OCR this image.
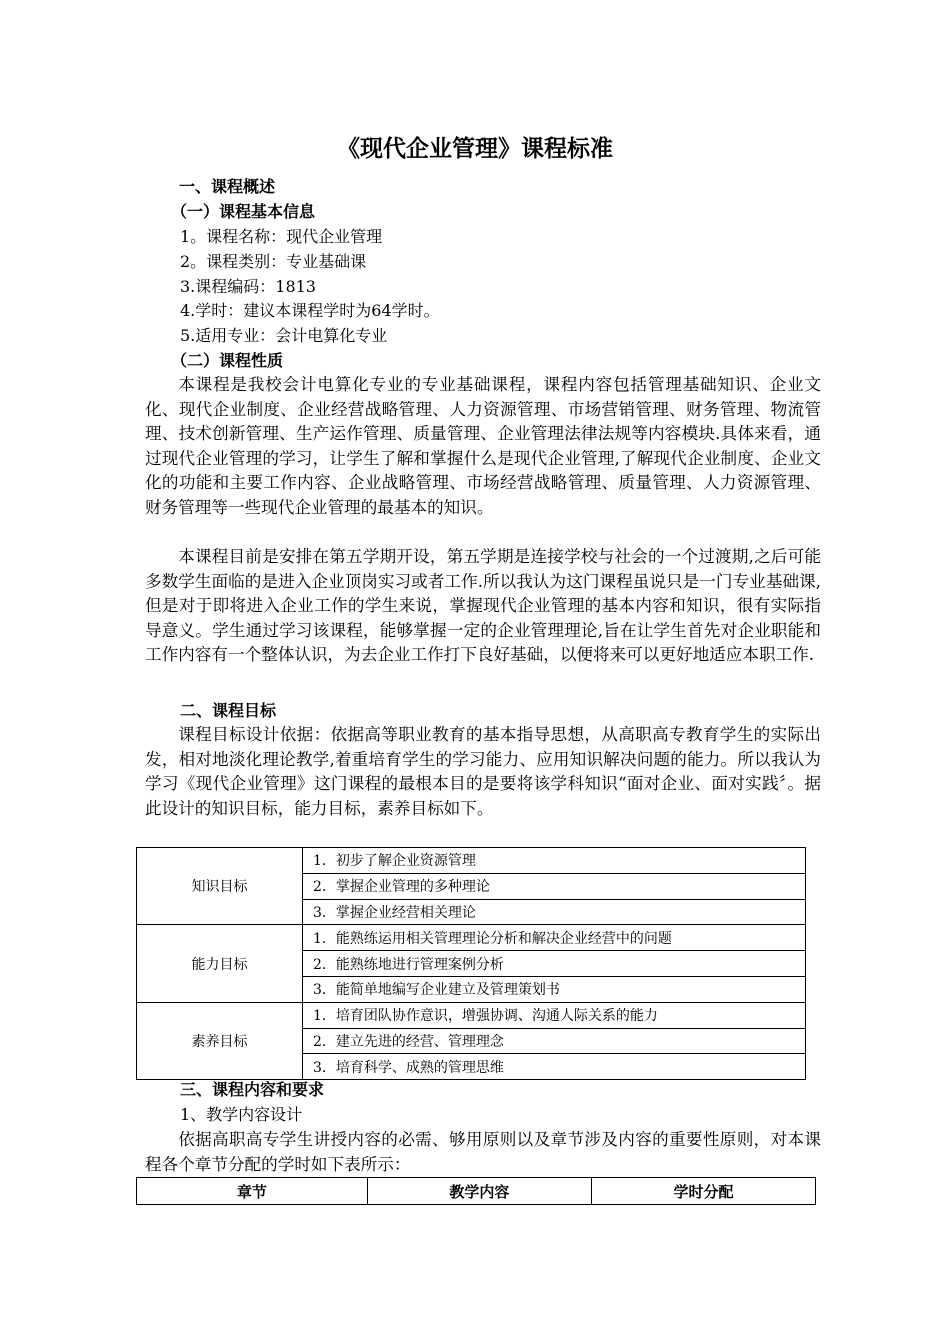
《现代企业管理》课程标准
一、课程概述
（一）课程基本信息
1。课程名称：现代企业管理
2。课程类别：专业基础课
3.课程编码：1813
4.学时：建议本课程学时为64学时。
5.适用专业：会计电算化专业
（二）课程性质
本课程是我校会计电算化专业的专业基础课程，课程内容包括管理基础知识、企业文化、现代企业制度、企业经营战略管理、人力资源管理、市场营销管理、财务管理、物流管理、技术创新管理、生产运作管理、质量管理、企业管理法律法规等内容模块.具体来看，通过现代企业管理的学习，让学生了解和掌握什么是现代企业管理,了解现代企业制度、企业文化的功能和主要工作内容、企业战略管理、市场经营战略管理、质量管理、人力资源管理、财务管理等一些现代企业管理的最基本的知识。
本课程目前是安排在第五学期开设，第五学期是连接学校与社会的一个过渡期,之后可能多数学生面临的是进入企业顶岗实习或者工作.所以我认为这门课程虽说只是一门专业基础课,但是对于即将进入企业工作的学生来说，掌握现代企业管理的基本内容和知识，很有实际指导意义。学生通过学习该课程，能够掌握一定的企业管理理论,旨在让学生首先对企业职能和工作内容有一个整体认识，为去企业工作打下良好基础，以便将来可以更好地适应本职工作.
二、课程目标
课程目标设计依据：依据高等职业教育的基本指导思想，从高职高专教育学生的实际出发，相对地淡化理论教学,着重培育学生的学习能力、应用知识解决问题的能力。所以我认为学习《现代企业管理》这门课程的最根本目的是要将该学科知识“面对企业、面对实践〞。据此设计的知识目标，能力目标，素养目标如下。
知识目标	1．初步了解企业资源管理
	2．掌握企业管理的多种理论
	3．掌握企业经营相关理论
能力目标	1．能熟练运用相关管理理论分析和解决企业经营中的问题
	2．能熟练地进行管理案例分析
	3．能简单地编写企业建立及管理策划书
素养目标	1．培育团队协作意识，增强协调、沟通人际关系的能力
	2．建立先进的经营、管理理念
	3．培育科学、成熟的管理思维
三、课程内容和要求
1、教学内容设计
依据高职高专学生讲授内容的必需、够用原则以及章节涉及内容的重要性原则，对本课程各个章节分配的学时如下表所示：
章节	教学内容	学时分配
